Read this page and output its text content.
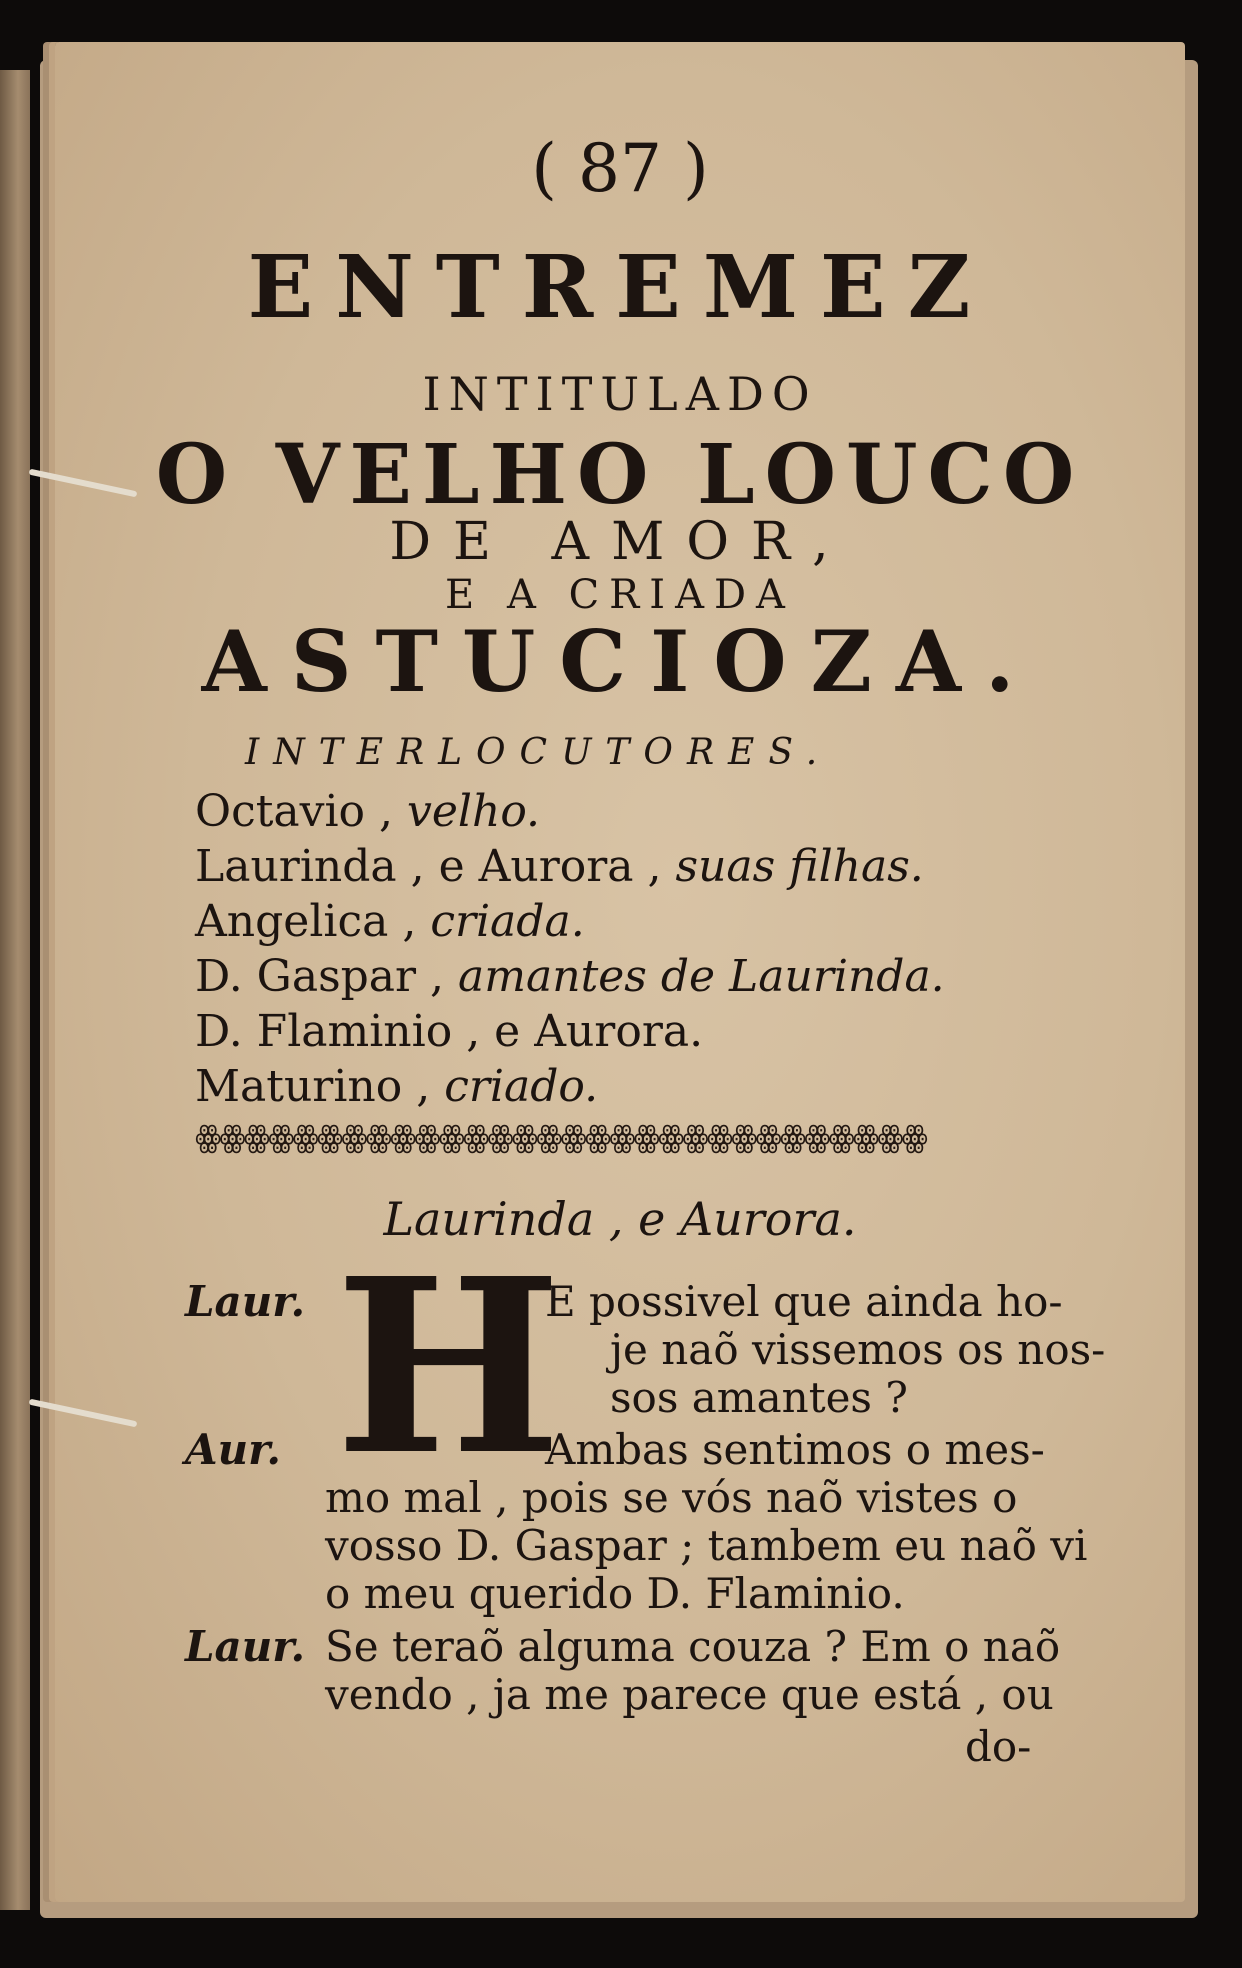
( 87 )
ENTREMEZ
INTITULADO
O VELHO LOUCO
DE AMOR,
E A CRIADA
ASTUCIOZA.
INTERLOCUTORES.
Octavio , velho.
Laurinda , e Aurora , suas filhas.
Angelica , criada.
D. Gaspar , amantes de Laurinda.
D. Flaminio , e Aurora.
Maturino , criado.
ꙮꙮꙮꙮꙮꙮꙮꙮꙮꙮꙮꙮꙮꙮꙮꙮꙮꙮꙮꙮꙮꙮꙮꙮꙮꙮꙮꙮꙮꙮ
Laurinda , e Aurora.
Laur. H
E possivel que ainda ho-
je naõ vissemos os nos-
sos amantes ?
Aur.	Ambas sentimos o mes-
mo mal , pois se vós naõ vistes o
vosso D. Gaspar ; tambem eu naõ vi
o meu querido D. Flaminio.
Laur. Se teraõ alguma couza ? Em o naõ
vendo , ja me parece que está , ou
do-
